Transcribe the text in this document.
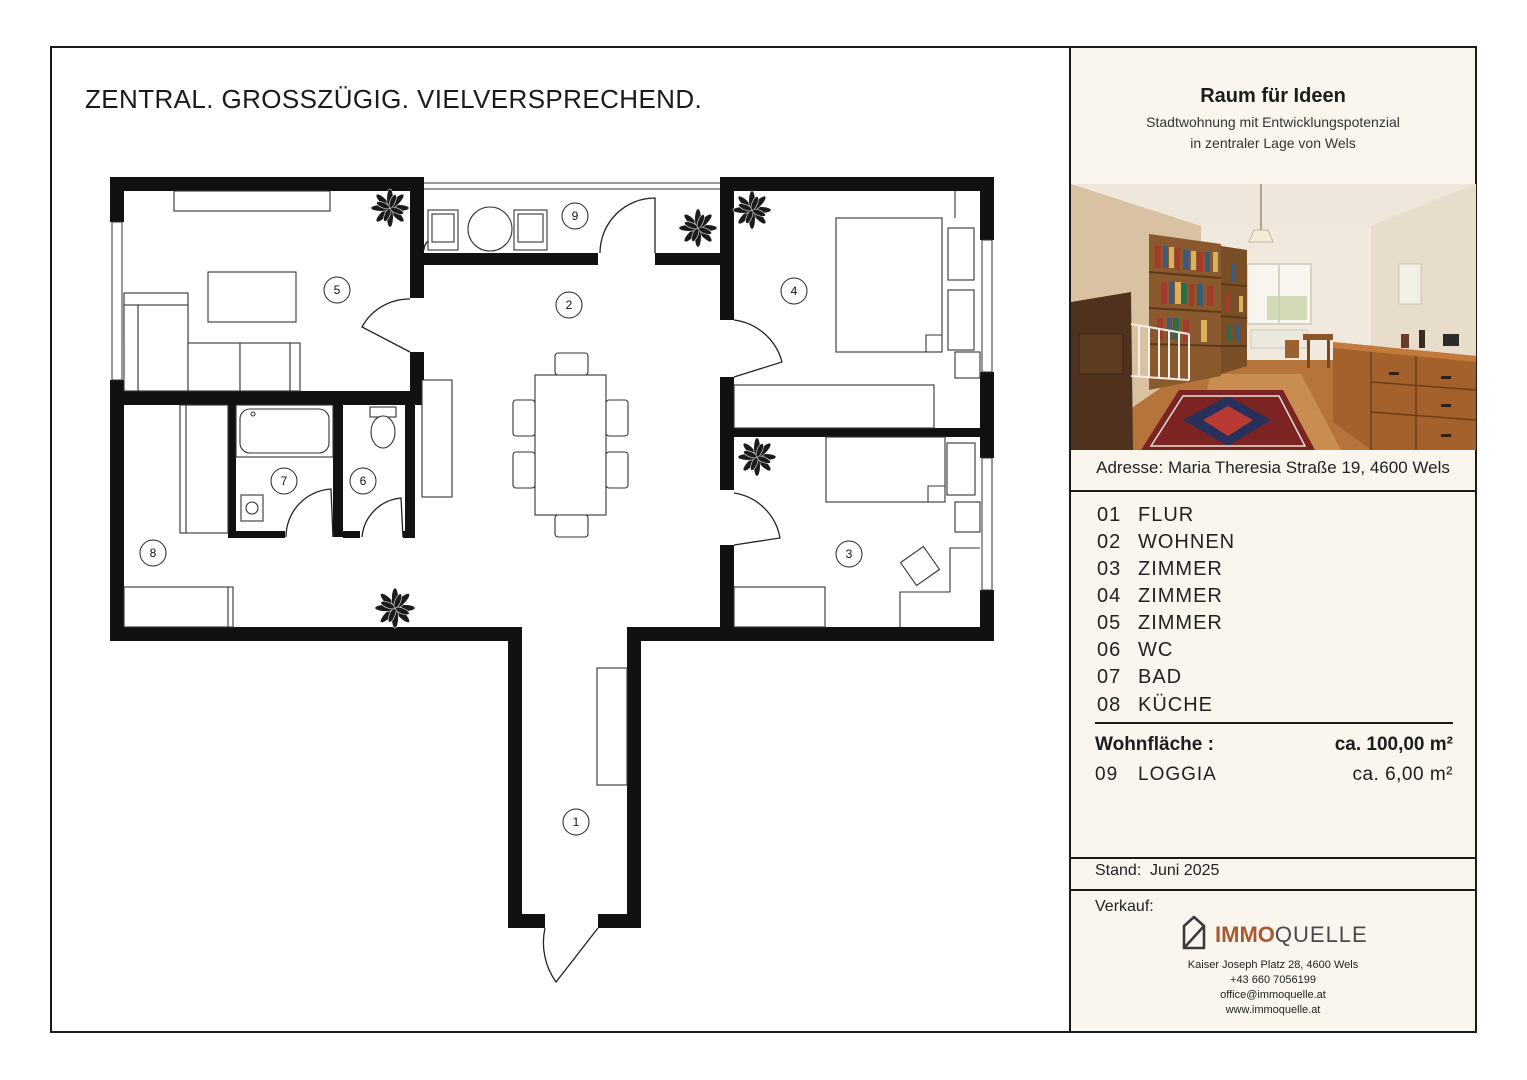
ZENTRAL. GROSSZÜGIG. VIELVERSPRECHEND.
1
2
3
4
5
6
7
8
9
Raum für Ideen
Stadtwohnung mit Entwicklungspotenzial
in zentraler Lage von Wels
Adresse: Maria Theresia Straße 19, 4600 Wels
01 FLUR
02 WOHNEN
03 ZIMMER
04 ZIMMER
05 ZIMMER
06 WC
07 BAD
08 KÜCHE
Wohnfläche :	ca. 100,00 m²
09 LOGGIA	ca. 6,00 m²
Stand: Juni 2025
Verkauf:
IMMOQUELLE
Kaiser Joseph Platz 28, 4600 Wels
+43 660 7056199
office@immoquelle.at
www.immoquelle.at
